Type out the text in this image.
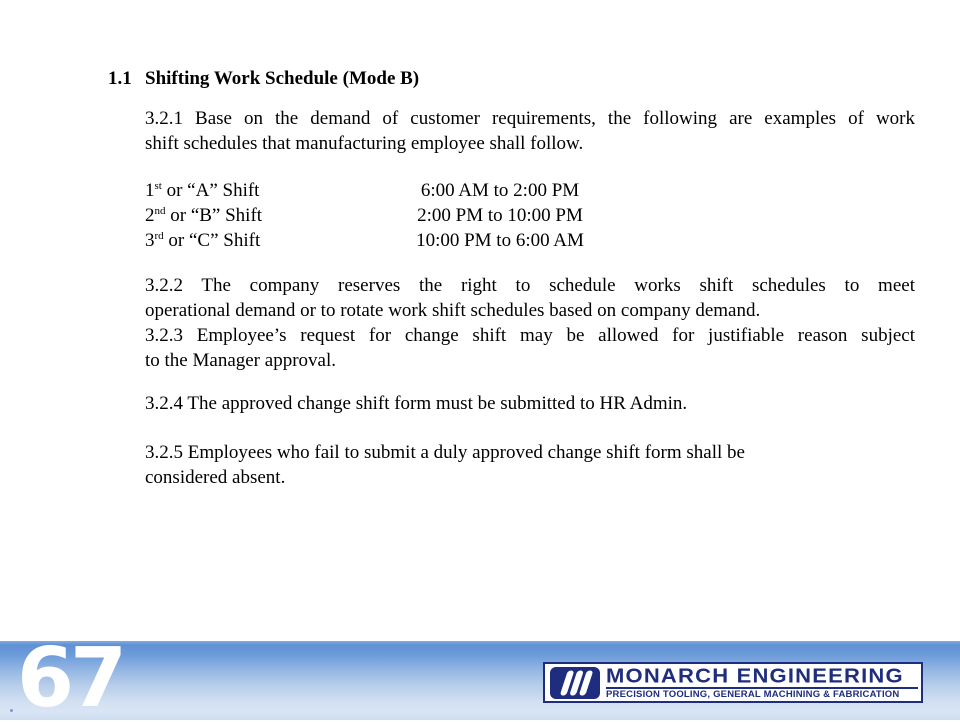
1.1 Shifting Work Schedule (Mode B)
3.2.1 Base on the demand of customer requirements, the following are examples of work
shift schedules that manufacturing employee shall follow.
1st or “A” Shift	6:00 AM to 2:00 PM
2nd or “B” Shift	2:00 PM to 10:00 PM
3rd or “C” Shift	10:00 PM to 6:00 AM
3.2.2 The company reserves the right to schedule works shift schedules to meet
operational demand or to rotate work shift schedules based on company demand.
3.2.3 Employee’s request for change shift may be allowed for justifiable reason subject
to the Manager approval.
3.2.4 The approved change shift form must be submitted to HR Admin.
3.2.5 Employees who fail to submit a duly approved change shift form shall be
considered absent.
67	MONARCH ENGINEERING
PRECISION TOOLING, GENERAL MACHINING & FABRICATION
